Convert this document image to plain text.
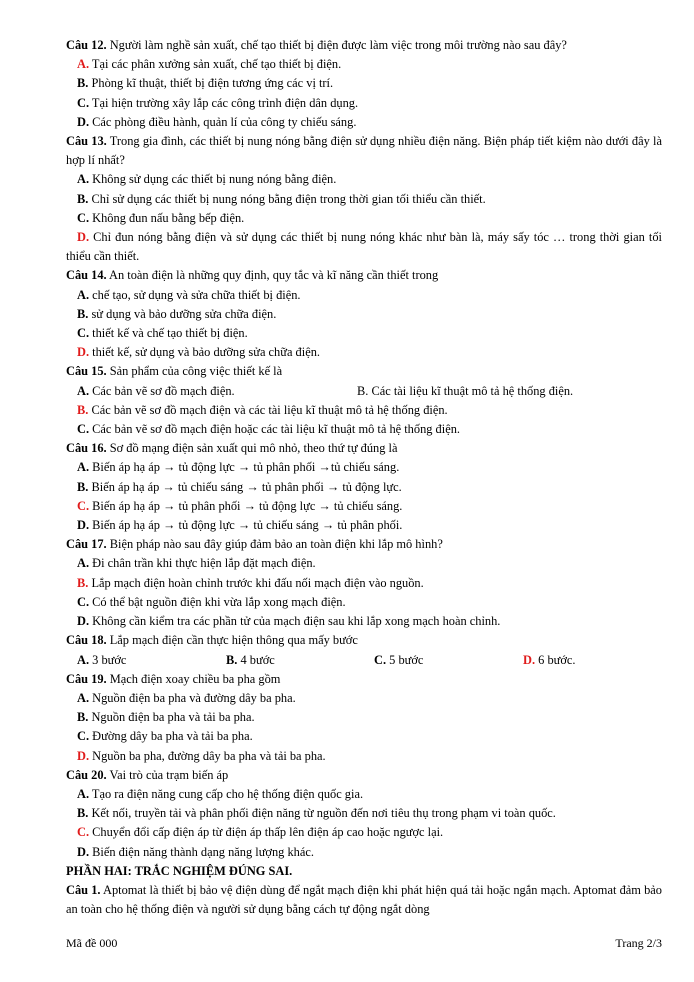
Câu 12. Người làm nghề sản xuất, chế tạo thiết bị điện được làm việc trong môi trường nào sau đây?

A. Tại các phân xưởng sản xuất, chế tạo thiết bị điện.

B. Phòng kĩ thuật, thiết bị điện tương ứng các vị trí.

C. Tại hiện trường xây lắp các công trình điện dân dụng.

D. Các phòng điều hành, quản lí của công ty chiếu sáng.

Câu 13. Trong gia đình, các thiết bị nung nóng bằng điện sử dụng nhiều điện năng. Biện pháp tiết kiệm nào dưới đây là hợp lí nhất?

A. Không sử dụng các thiết bị nung nóng bằng điện.

B. Chỉ sử dụng các thiết bị nung nóng bằng điện trong thời gian tối thiểu cần thiết.

C. Không đun nấu bằng bếp điện.

D. Chỉ đun nóng bằng điện và sử dụng các thiết bị nung nóng khác như bàn là, máy sấy tóc … trong thời gian tối thiểu cần thiết.

Câu 14. An toàn điện là những quy định, quy tắc và kĩ năng cần thiết trong

A. chế tạo, sử dụng và sửa chữa thiết bị điện.

B. sử dụng và bảo dưỡng sửa chữa điện.

C. thiết kế và chế tạo thiết bị điện.

D. thiết kế, sử dụng và bảo dưỡng sửa chữa điện.

Câu 15. Sản phẩm của công việc thiết kế là

A. Các bản vẽ sơ đồ mạch điện.	B. Các tài liệu kĩ thuật mô tả hệ thống điện.

B. Các bản vẽ sơ đồ mạch điện và các tài liệu kĩ thuật mô tả hệ thống điện.

C. Các bản vẽ sơ đồ mạch điện hoặc các tài liệu kĩ thuật mô tả hệ thống điện.

Câu 16. Sơ đồ mạng điện sản xuất qui mô nhỏ, theo thứ tự đúng là

A. Biến áp hạ áp → tủ động lực → tủ phân phối →tủ chiếu sáng.

B. Biến áp hạ áp → tủ chiếu sáng → tủ phân phối → tủ động lực.

C. Biến áp hạ áp → tủ phân phối → tủ động lực → tủ chiếu sáng.

D. Biến áp hạ áp → tủ động lực → tủ chiếu sáng → tủ phân phối.

Câu 17. Biện pháp nào sau đây giúp đảm bảo an toàn điện khi lắp mô hình?

A. Đi chân trần khi thực hiện lắp đặt mạch điện.

B. Lắp mạch điện hoàn chỉnh trước khi đấu nối mạch điện vào nguồn.

C. Có thể bật nguồn điện khi vừa lắp xong mạch điện.

D. Không cần kiểm tra các phần tử của mạch điện sau khi lắp xong mạch hoàn chỉnh.

Câu 18. Lắp mạch điện cần thực hiện thông qua mấy bước

A. 3 bước	B. 4 bước	C. 5 bước	D. 6 bước.

Câu 19. Mạch điện xoay chiều ba pha gồm

A. Nguồn điện ba pha và đường dây ba pha.

B. Nguồn điện ba pha và tải ba pha.

C. Đường dây ba pha và tải ba pha.

D. Nguồn ba pha, đường dây ba pha và tải ba pha.

Câu 20. Vai trò của trạm biến áp

A. Tạo ra điện năng cung cấp cho hệ thống điện quốc gia.

B. Kết nối, truyền tải và phân phối điện năng từ nguồn đến nơi tiêu thụ trong phạm vi toàn quốc.

C. Chuyển đổi cấp điện áp từ điện áp thấp lên điện áp cao hoặc ngược lại.

D. Biến điện năng thành dạng năng lượng khác.

PHẦN HAI: TRẮC NGHIỆM ĐÚNG SAI.

Câu 1. Aptomat là thiết bị bảo vệ điện dùng để ngắt mạch điện khi phát hiện quá tải hoặc ngắn mạch. Aptomat đảm bảo an toàn cho hệ thống điện và người sử dụng bằng cách tự động ngắt dòng

Mã đề 000	Trang 2/3
